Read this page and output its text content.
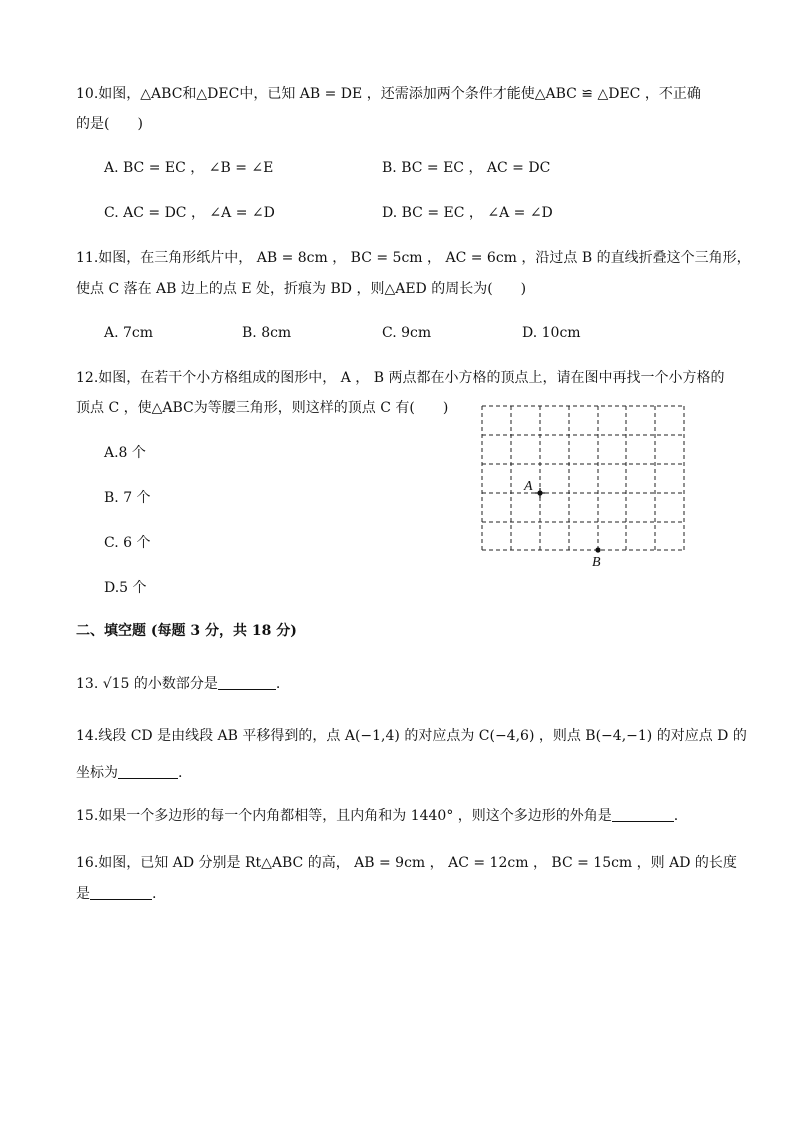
10.如图，△ABC和△DEC中，已知 AB = DE ，还需添加两个条件才能使△ABC ≌ △DEC ，不正确
的是(　　)
A. BC = EC ， ∠B = ∠E	B. BC = EC ， AC = DC
C. AC = DC ， ∠A = ∠D	D. BC = EC ， ∠A = ∠D
11.如图，在三角形纸片中， AB = 8cm ， BC = 5cm ， AC = 6cm ，沿过点 B 的直线折叠这个三角形，
使点 C 落在 AB 边上的点 E 处，折痕为 BD ，则△AED 的周长为(　　)
A. 7cm	B. 8cm	C. 9cm	D. 10cm
12.如图，在若干个小方格组成的图形中， A ， B 两点都在小方格的顶点上，请在图中再找一个小方格的
顶点 C ，使△ABC为等腰三角形，则这样的顶点 C 有(　　)
A.8 个
B. 7 个
C. 6 个
D.5 个
A
B
二、填空题 (每题 3 分，共 18 分)
13. √15 的小数部分是	.
14.线段 CD 是由线段 AB 平移得到的，点 A(−1,4) 的对应点为 C(−4,6) ，则点 B(−4,−1) 的对应点 D 的
坐标为	.
15.如果一个多边形的每一个内角都相等，且内角和为 1440° ，则这个多边形的外角是	.
16.如图，已知 AD 分别是 Rt△ABC 的高， AB = 9cm ， AC = 12cm ， BC = 15cm ，则 AD 的长度
是	.
